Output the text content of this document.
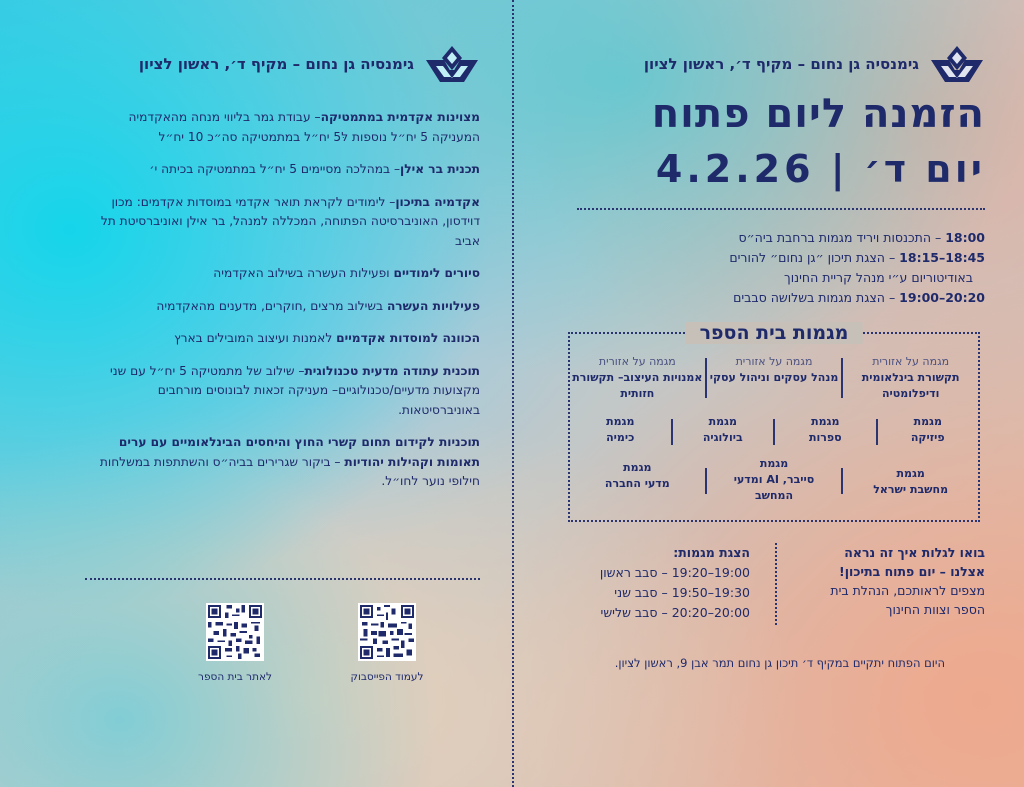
גימנסיה גן נחום – מקיף ד׳, ראשון לציון
הזמנה ליום פתוח
יום ד׳ | 4.2.26

18:00 – התכנסות ויריד מגמות ברחבת ביה״ס

18:15–18:45 – הצגת תיכון ״גן נחום״ להורים

באודיטוריום ע״י מנהל קריית החינוך

19:00–20:20 – הצגת מגמות בשלושה סבבים

מגמות בית הספר
מגמה על אזורית
תקשורת בינלאומית ודיפלומטיה
מגמה על אזורית
מנהל עסקים וניהול עסקי
מגמה על אזורית
אמנויות העיצוב– תקשורת חזותית
מגמת
פיזיקה
מגמת
ספרות
מגמת
ביולוגיה
מגמת
כימיה
מגמת
מחשבת ישראל
מגמת
סייבר, AI ומדעי המחשב
מגמת
מדעי החברה
בואו לגלות איך זה נראה אצלנו – יום פתוח בתיכון!
מצפים לראותכם, הנהלת בית הספר וצוות החינוך

הצגת מגמות:

19:00–19:20 – סבב ראשון

19:30–19:50 – סבב שני

20:00–20:20 – סבב שלישי

היום הפתוח יתקיים במקיף ד׳ תיכון גן נחום תמר אבן 9, ראשון לציון.
גימנסיה גן נחום – מקיף ד׳, ראשון לציון
מצוינות אקדמית במתמטיקה– עבודת גמר בליווי מנחה מהאקדמיה המעניקה 5 יח״ל נוספות לּ5 יח״ל במתמטיקה סה״כ 10 יח״ל
תכנית בר אילן– במהלכה מסיימים 5 יח״ל במתמטיקה בכיתה י׳
אקדמיה בתיכון– לימודים לקראת תואר אקדמי במוסדות אקדמים: מכון דוידסון, האוניברסיטה הפתוחה, המכללה למנהל, בר אילן ואוניברסיטת תל אביב
סיורים לימודיים ופעילות העשרה בשילוב האקדמיה
פעילויות העשרה בשילוב מרצים ,חוקרים, מדענים מהאקדמיה
הכוונה למוסדות אקדמיים לאמנות ועיצוב המובילים בארץ
תוכנית עתודה מדעית טכנולוגית– שילוב של מתמטיקה 5 יח״ל עם שני מקצועות מדעיים/טכנולוגיים– מעניקה זכאות לבונוסים מורחבים באוניברסיטאות.
תוכניות לקידום תחום קשרי החוץ והיחסים הבינלאומיים עם ערים תאומות וקהילות יהודיות – ביקור שגרירים בביה״ס והשתתפות במשלחות חילופי נוער לחו״ל.
לעמוד הפייסבוק
לאתר בית הספר
